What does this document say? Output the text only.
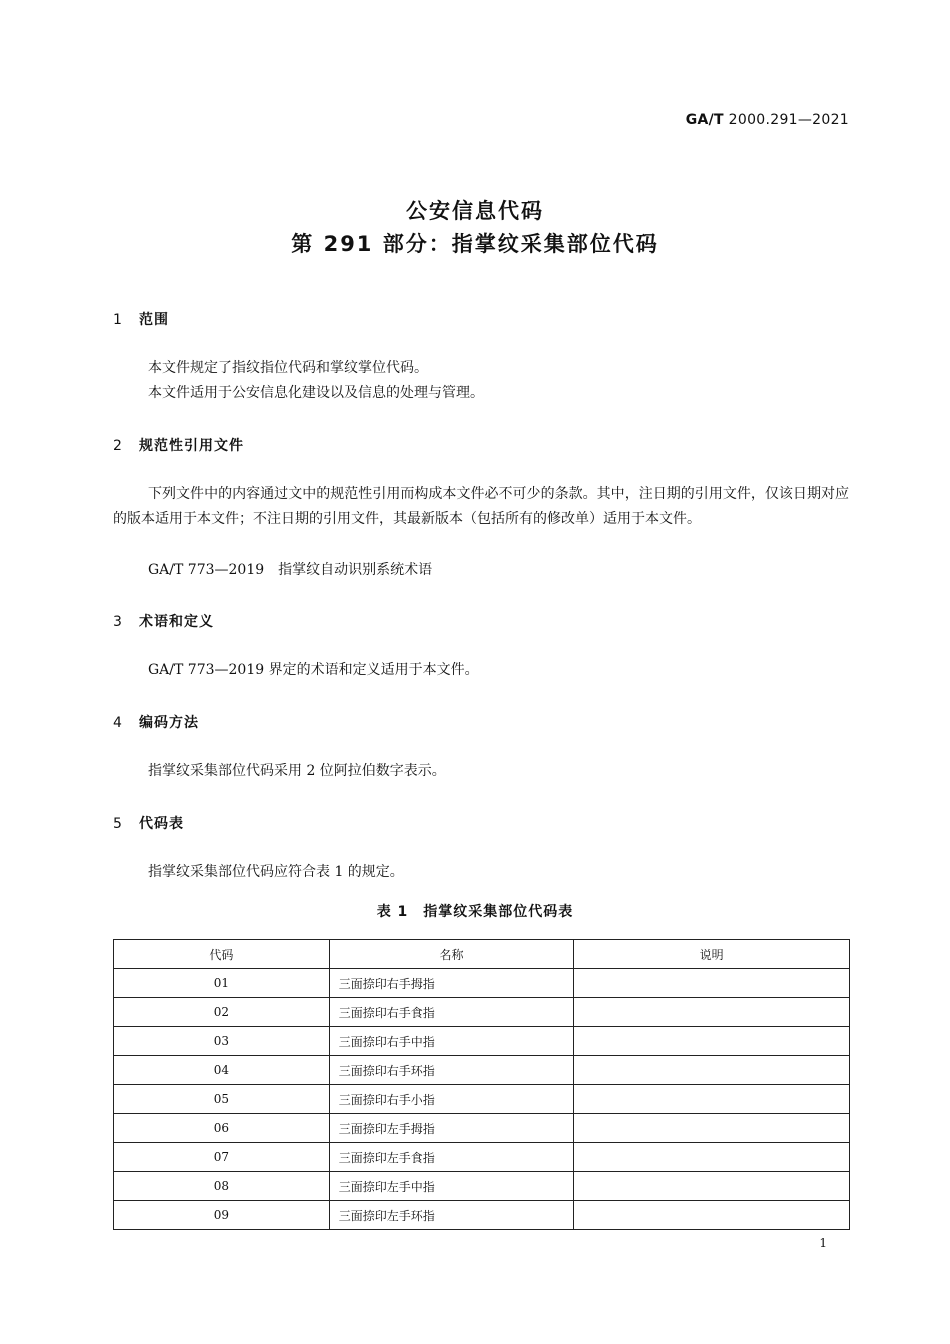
GA/T 2000.291—2021
公安信息代码
第 291 部分：指掌纹采集部位代码
1 范围
本文件规定了指纹指位代码和掌纹掌位代码。
本文件适用于公安信息化建设以及信息的处理与管理。
2 规范性引用文件
下列文件中的内容通过文中的规范性引用而构成本文件必不可少的条款。其中，注日期的引用文件，仅该日期对应的版本适用于本文件；不注日期的引用文件，其最新版本（包括所有的修改单）适用于本文件。
GA/T 773—2019　指掌纹自动识别系统术语
3 术语和定义
GA/T 773—2019 界定的术语和定义适用于本文件。
4 编码方法
指掌纹采集部位代码采用 2 位阿拉伯数字表示。
5 代码表
指掌纹采集部位代码应符合表 1 的规定。
表 1　指掌纹采集部位代码表
代码	名称	说明
01	三面捺印右手拇指	
02	三面捺印右手食指	
03	三面捺印右手中指	
04	三面捺印右手环指	
05	三面捺印右手小指	
06	三面捺印左手拇指	
07	三面捺印左手食指	
08	三面捺印左手中指	
09	三面捺印左手环指	
1
